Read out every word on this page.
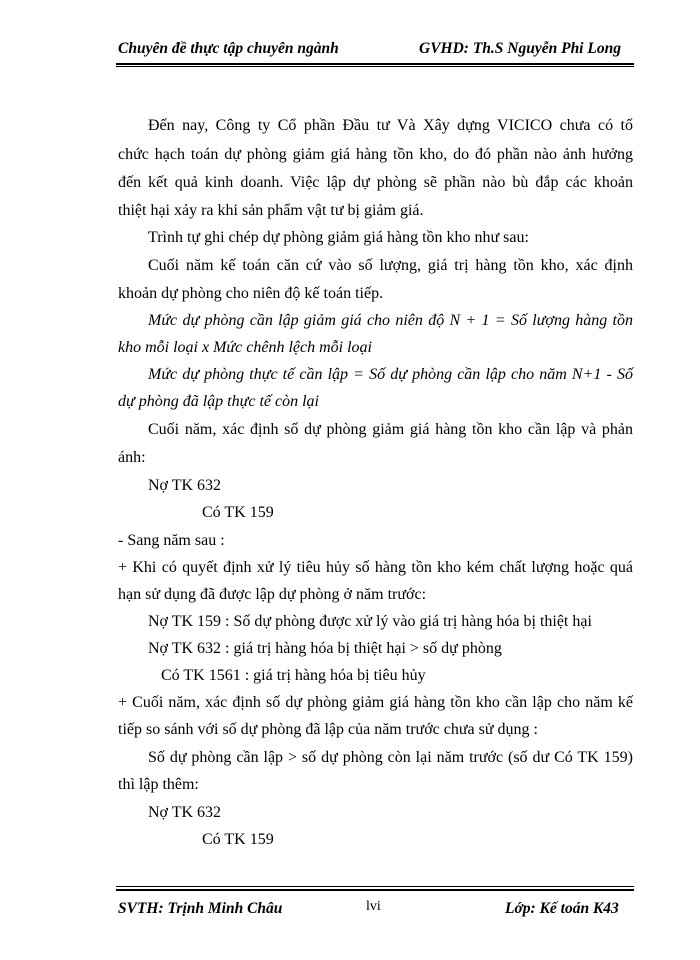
Chuyên đề thực tập chuyên ngành	GVHD: Th.S Nguyễn Phi Long
Đến nay, Công ty Cổ phần Đầu tư Và Xây dựng VICICO chưa có tổ
chức hạch toán dự phòng giảm giá hàng tồn kho, do đó phần nào ảnh hưởng
đến kết quả kinh doanh. Việc lập dự phòng sẽ phần nào bù đắp các khoản
thiệt hại xảy ra khi sản phẩm vật tư bị giảm giá.
Trình tự ghi chép dự phòng giảm giá hàng tồn kho như sau:
Cuối năm kế toán căn cứ vào số lượng, giá trị hàng tồn kho, xác định
khoản dự phòng cho niên độ kế toán tiếp.
Mức dự phòng cần lập giảm giá cho niên độ N + 1 = Số lượng hàng tồn
kho mỗi loại x Mức chênh lệch mỗi loại
Mức dự phòng thực tế cần lập = Số dự phòng cần lập cho năm N+1 - Số
dự phòng đã lập thực tế còn lại
Cuối năm, xác định số dự phòng giảm giá hàng tồn kho cần lập và phản
ánh:
Nợ TK 632
Có TK 159
- Sang năm sau :
+ Khi có quyết định xử lý tiêu hủy số hàng tồn kho kém chất lượng hoặc quá
hạn sử dụng đã được lập dự phòng ở năm trước:
Nợ TK 159 : Số dự phòng được xử lý vào giá trị hàng hóa bị thiệt hại
Nợ TK 632 : giá trị hàng hóa bị thiệt hại > số dự phòng
Có TK 1561 : giá trị hàng hóa bị tiêu hủy
+ Cuối năm, xác định số dự phòng giảm giá hàng tồn kho cần lập cho năm kế
tiếp so sánh với số dự phòng đã lập của năm trước chưa sử dụng :
Số dự phòng cần lập > số dự phòng còn lại năm trước (số dư Có TK 159)
thì lập thêm:
Nợ TK 632
Có TK 159
SVTH: Trịnh Minh Châu	lvi	Lớp: Kế toán K43
